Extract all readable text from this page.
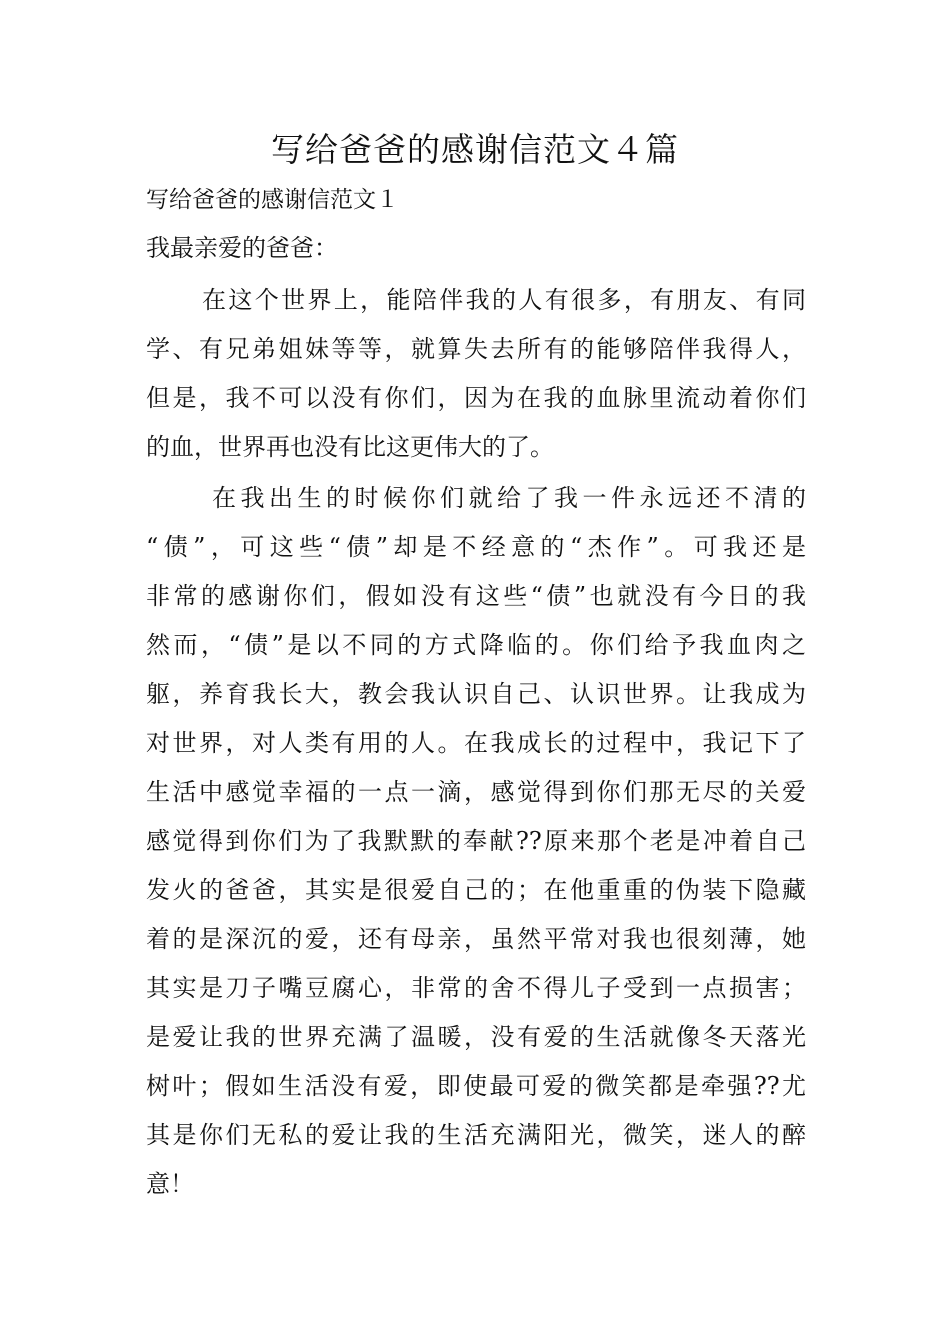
写给爸爸的感谢信范文４篇

写给爸爸的感谢信范文１

我最亲爱的爸爸：

在这个世界上，能陪伴我的人有很多，有朋友、有同
学、有兄弟姐妹等等，就算失去所有的能够陪伴我得人，
但是，我不可以没有你们，因为在我的血脉里流动着你们
的血，世界再也没有比这更伟大的了。
在我出生的时候你们就给了我一件永远还不清的
“债”，可这些“债”却是不经意的“杰作”。可我还是
非常的感谢你们，假如没有这些“债”也就没有今日的我
然而，“债”是以不同的方式降临的。你们给予我血肉之
躯，养育我长大，教会我认识自己、认识世界。让我成为
对世界，对人类有用的人。在我成长的过程中，我记下了
生活中感觉幸福的一点一滴，感觉得到你们那无尽的关爱
感觉得到你们为了我默默的奉献??原来那个老是冲着自己
发火的爸爸，其实是很爱自己的；在他重重的伪装下隐藏
着的是深沉的爱，还有母亲，虽然平常对我也很刻薄，她
其实是刀子嘴豆腐心，非常的舍不得儿子受到一点损害；
是爱让我的世界充满了温暖，没有爱的生活就像冬天落光
树叶；假如生活没有爱，即使最可爱的微笑都是牵强??尤
其是你们无私的爱让我的生活充满阳光，微笑，迷人的醉
意！
